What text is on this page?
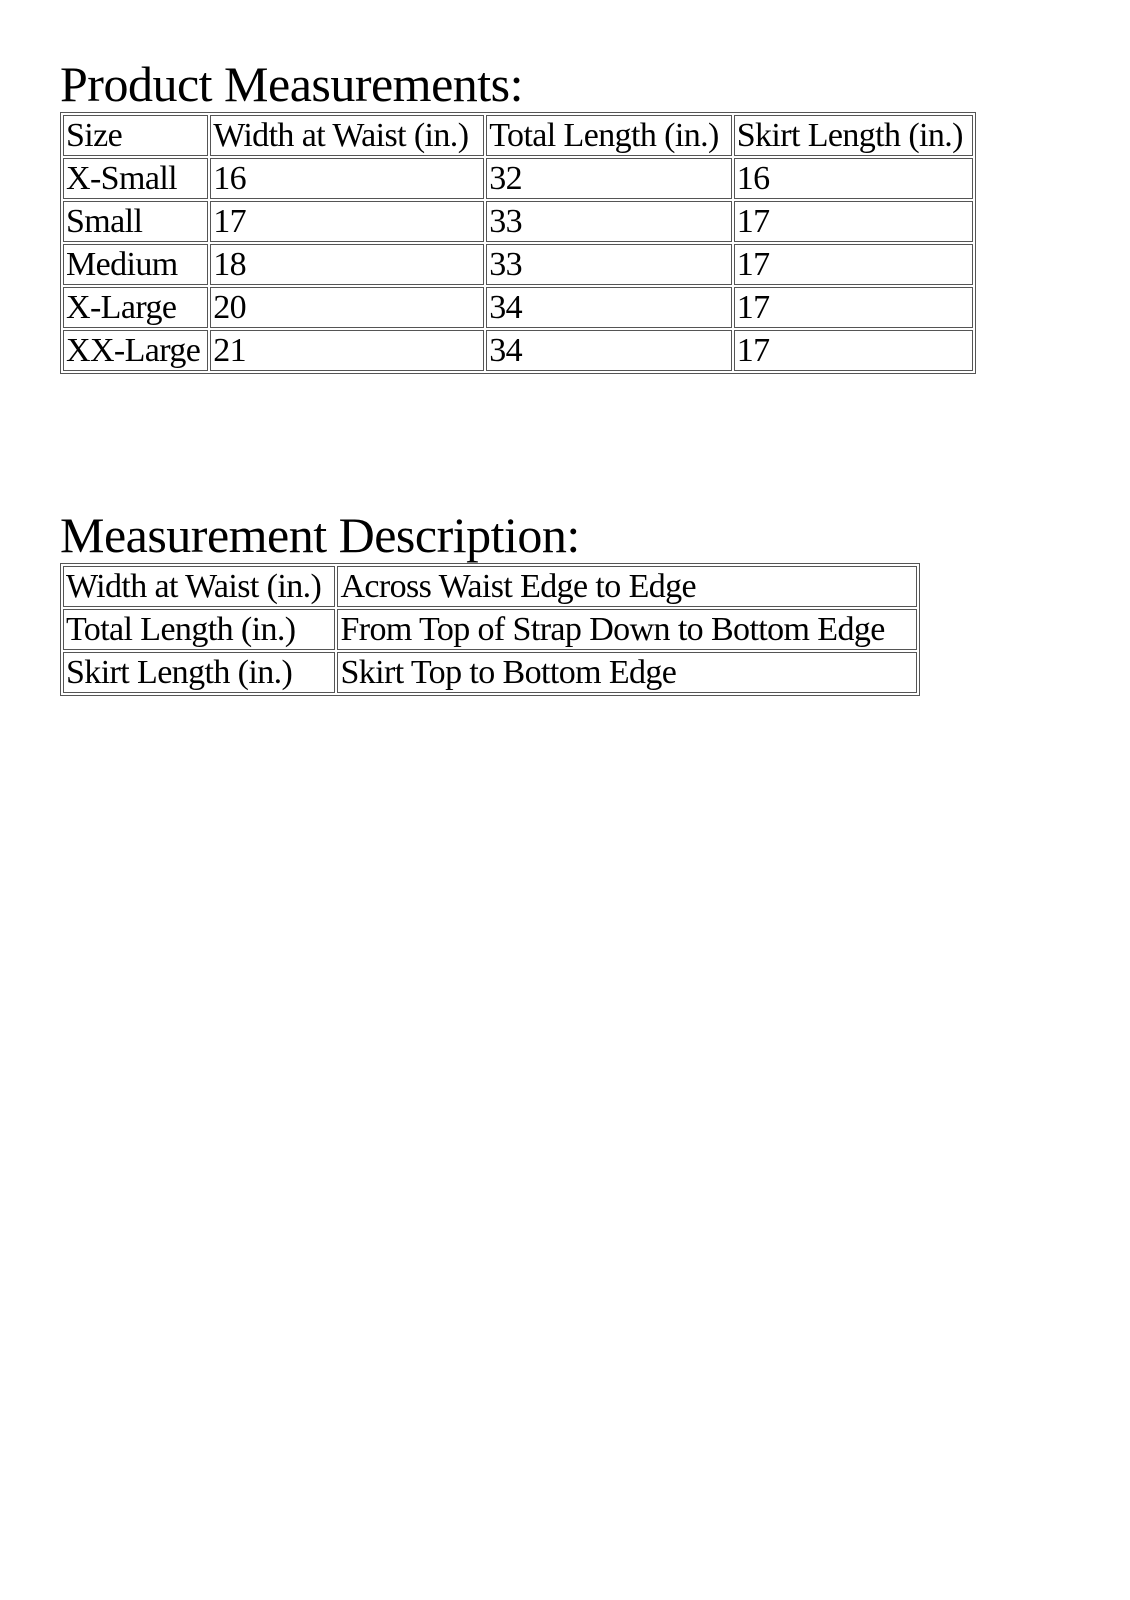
Product Measurements:
Size	Width at Waist (in.)	Total Length (in.)	Skirt Length (in.)
X-Small	16	32	16
Small	17	33	17
Medium	18	33	17
X-Large	20	34	17
XX-Large	21	34	17
Measurement Description:
Width at Waist (in.)	Across Waist Edge to Edge
Total Length (in.)	From Top of Strap Down to Bottom Edge
Skirt Length (in.)	Skirt Top to Bottom Edge
